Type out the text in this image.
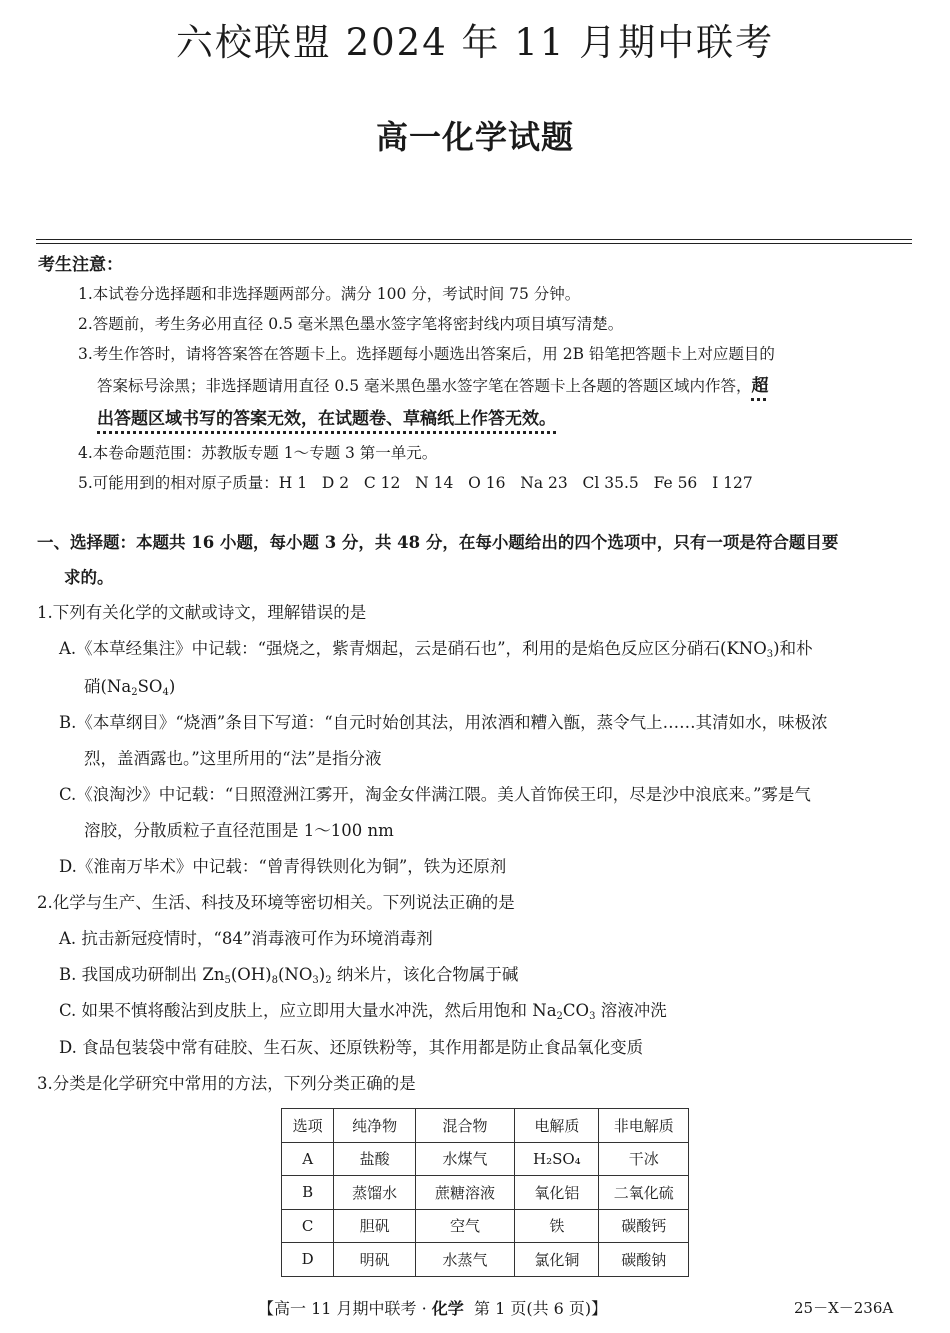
六校联盟 2024 年 11 月期中联考
高一化学试题
考生注意：
1.本试卷分选择题和非选择题两部分。满分 100 分，考试时间 75 分钟。
2.答题前，考生务必用直径 0.5 毫米黑色墨水签字笔将密封线内项目填写清楚。
3.考生作答时，请将答案答在答题卡上。选择题每小题选出答案后，用 2B 铅笔把答题卡上对应题目的
答案标号涂黑；非选择题请用直径 0.5 毫米黑色墨水签字笔在答题卡上各题的答题区域内作答，超
出答题区域书写的答案无效，在试题卷、草稿纸上作答无效。
4.本卷命题范围：苏教版专题 1～专题 3 第一单元。
5.可能用到的相对原子质量：H 1   D 2   C 12   N 14   O 16   Na 23   Cl 35.5   Fe 56   I 127
一、选择题：本题共 16 小题，每小题 3 分，共 48 分，在每小题给出的四个选项中，只有一项是符合题目要
求的。
1.下列有关化学的文献或诗文，理解错误的是
A.《本草经集注》中记载：“强烧之，紫青烟起，云是硝石也”，利用的是焰色反应区分硝石$(KNO_3)$和朴
硝$(Na_2SO_4)$
B.《本草纲目》“烧酒”条目下写道：“自元时始创其法，用浓酒和糟入甑，蒸令气上……其清如水，味极浓
烈，盖酒露也。”这里所用的“法”是指分液
C.《浪淘沙》中记载：“日照澄洲江雾开，淘金女伴满江隈。美人首饰侯王印，尽是沙中浪底来。”雾是气
溶胶，分散质粒子直径范围是 1～100 nm
D.《淮南万毕术》中记载：“曾青得铁则化为铜”，铁为还原剂
2.化学与生产、生活、科技及环境等密切相关。下列说法正确的是
A. 抗击新冠疫情时，“84”消毒液可作为环境消毒剂
B. 我国成功研制出 $Zn_5(OH)_8(NO_3)_2$ 纳米片，该化合物属于碱
C. 如果不慎将酸沾到皮肤上，应立即用大量水冲洗，然后用饱和 $Na_2CO_3$ 溶液冲洗
D. 食品包装袋中常有硅胶、生石灰、还原铁粉等，其作用都是防止食品氧化变质
3.分类是化学研究中常用的方法，下列分类正确的是
选项	纯净物	混合物	电解质	非电解质
A	盐酸	水煤气	H₂SO₄	干冰
B	蒸馏水	蔗糖溶液	氧化铝	二氧化硫
C	胆矾	空气	铁	碳酸钙
D	明矾	水蒸气	氯化铜	碳酸钠
【高一 11 月期中联考 · 化学  第 1 页(共 6 页)】	25－X－236A
